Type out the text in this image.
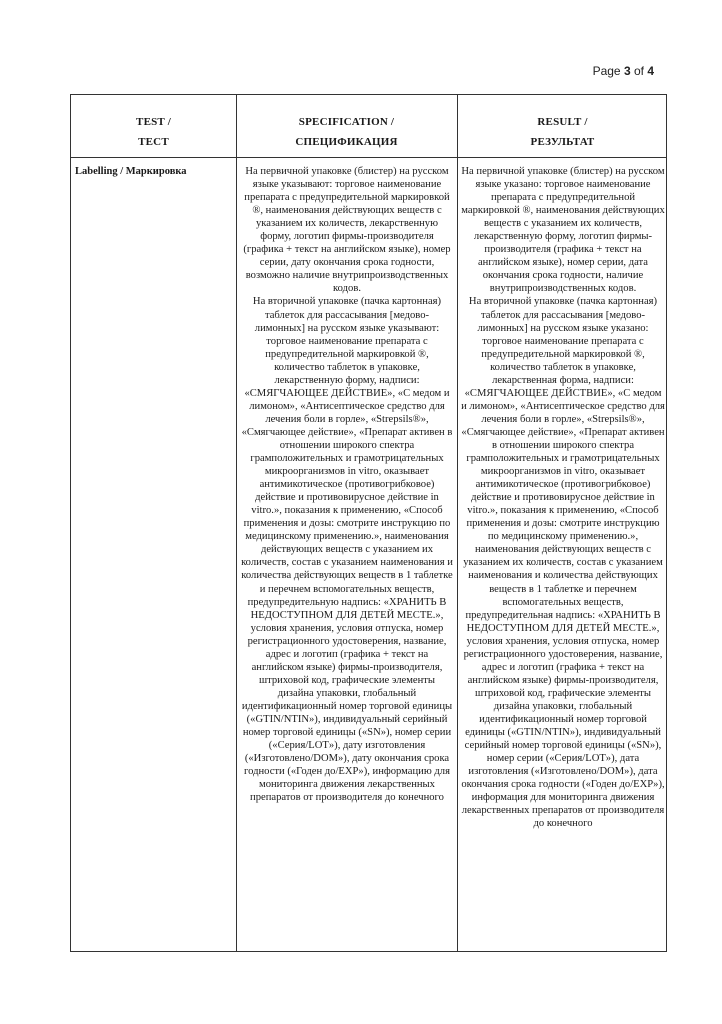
Page 3 of 4
TEST /
ТЕСТ
SPECIFICATION /
СПЕЦИФИКАЦИЯ
RESULT /
РЕЗУЛЬТАТ
Labelling / Маркировка	На первичной упаковке (блистер) на русском языке указывают: торговое наименование препарата с предупредительной маркировкой ®, наименования действующих веществ с указанием их количеств, лекарственную форму, логотип фирмы-производителя (графика + текст на английском языке), номер серии, дату окончания срока годности, возможно наличие внутрипроизводственных кодов.

На вторичной упаковке (пачка картонная) таблеток для рассасывания [медово-лимонных] на русском языке указывают: торговое наименование препарата с предупредительной маркировкой ®, количество таблеток в упаковке, лекарственную форму, надписи: «СМЯГЧАЮЩЕЕ ДЕЙСТВИЕ», «С медом и лимоном», «Антисептическое средство для лечения боли в горле», «Strepsils®», «Смягчающее действие», «Препарат активен в отношении широкого спектра грамположительных и грамотрицательных микроорганизмов in vitro, оказывает антимикотическое (противогрибковое) действие и противовирусное действие in vitro.», показания к применению, «Способ применения и дозы: смотрите инструкцию по медицинскому применению.», наименования действующих веществ с указанием их количеств, состав с указанием наименования и количества действующих веществ в 1 таблетке и перечнем вспомогательных веществ, предупредительную надпись: «ХРАНИТЬ В НЕДОСТУПНОМ ДЛЯ ДЕТЕЙ МЕСТЕ.», условия хранения, условия отпуска, номер регистрационного удостоверения, название, адрес и логотип (графика + текст на английском языке) фирмы-производителя, штриховой код, графические элементы дизайна упаковки, глобальный идентификационный номер торговой единицы («GTIN/NTIN»), индивидуальный серийный номер торговой единицы («SN»), номер серии («Серия/LOT»), дату изготовления («Изготовлено/DOM»), дату окончания срока годности («Годен до/EXP»), информацию для мониторинга движения лекарственных препаратов от производителя до конечного

На первичной упаковке (блистер) на русском языке указано: торговое наименование препарата с предупредительной маркировкой ®, наименования действующих веществ с указанием их количеств, лекарственную форму, логотип фирмы-производителя (графика + текст на английском языке), номер серии, дата окончания срока годности, наличие внутрипроизводственных кодов.

На вторичной упаковке (пачка картонная) таблеток для рассасывания [медово-лимонных] на русском языке указано: торговое наименование препарата с предупредительной маркировкой ®, количество таблеток в упаковке, лекарственная форма, надписи: «СМЯГЧАЮЩЕЕ ДЕЙСТВИЕ», «С медом и лимоном», «Антисептическое средство для лечения боли в горле», «Strepsils®», «Смягчающее действие», «Препарат активен в отношении широкого спектра грамположительных и грамотрицательных микроорганизмов in vitro, оказывает антимикотическое (противогрибковое) действие и противовирусное действие in vitro.», показания к применению, «Способ применения и дозы: смотрите инструкцию по медицинскому применению.», наименования действующих веществ с указанием их количеств, состав с указанием наименования и количества действующих веществ в 1 таблетке и перечнем вспомогательных веществ, предупредительная надпись: «ХРАНИТЬ В НЕДОСТУПНОМ ДЛЯ ДЕТЕЙ МЕСТЕ.», условия хранения, условия отпуска, номер регистрационного удостоверения, название, адрес и логотип (графика + текст на английском языке) фирмы-производителя, штриховой код, графические элементы дизайна упаковки, глобальный идентификационный номер торговой единицы («GTIN/NTIN»), индивидуальный серийный номер торговой единицы («SN»), номер серии («Серия/LOT»), дата изготовления («Изготовлено/DOM»), дата окончания срока годности («Годен до/EXP»), информация для мониторинга движения лекарственных препаратов от производителя до конечного
